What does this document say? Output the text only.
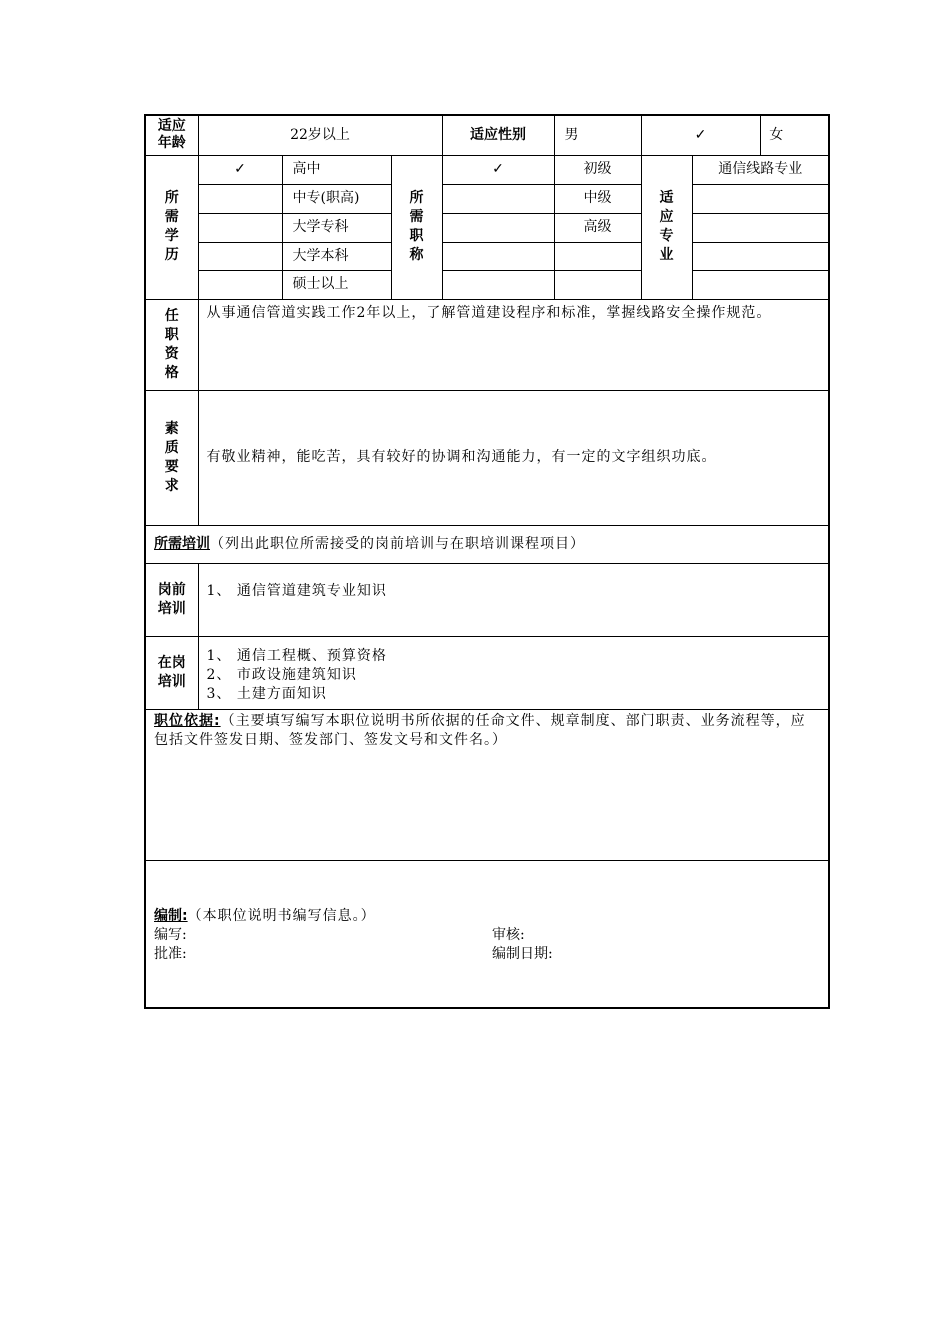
适应年龄	22岁以上			适应性别	男	✓		女

所需学历	✓	高中	所需职称	✓	初级	适应专业	通信线路专业	
		中专(职高)			中级			
		大学专科			高级			
		大学本科						
		硕士以上						

任职资格	从事通信管道实践工作2年以上，了解管道建设程序和标准，掌握线路安全操作规范。							

素质要求	有敬业精神，能吃苦，具有较好的协调和沟通能力，有一定的文字组织功底。							
所需培训（列出此职位所需接受的岗前培训与在职培训课程项目）								

岗前培训	1、 通信管道建筑专业知识							

在岗培训	1、 通信工程概、预算资格
2、 市政设施建筑知识
3、 土建方面知识							

职位依据:（主要填写编写本职位说明书所依据的任命文件、规章制度、部门职责、业务流程等，应包括文件签发日期、签发部门、签发文号和文件名。）								

编制:（本职位说明书编写信息。）
编写: 审核:
批准: 编制日期:								
